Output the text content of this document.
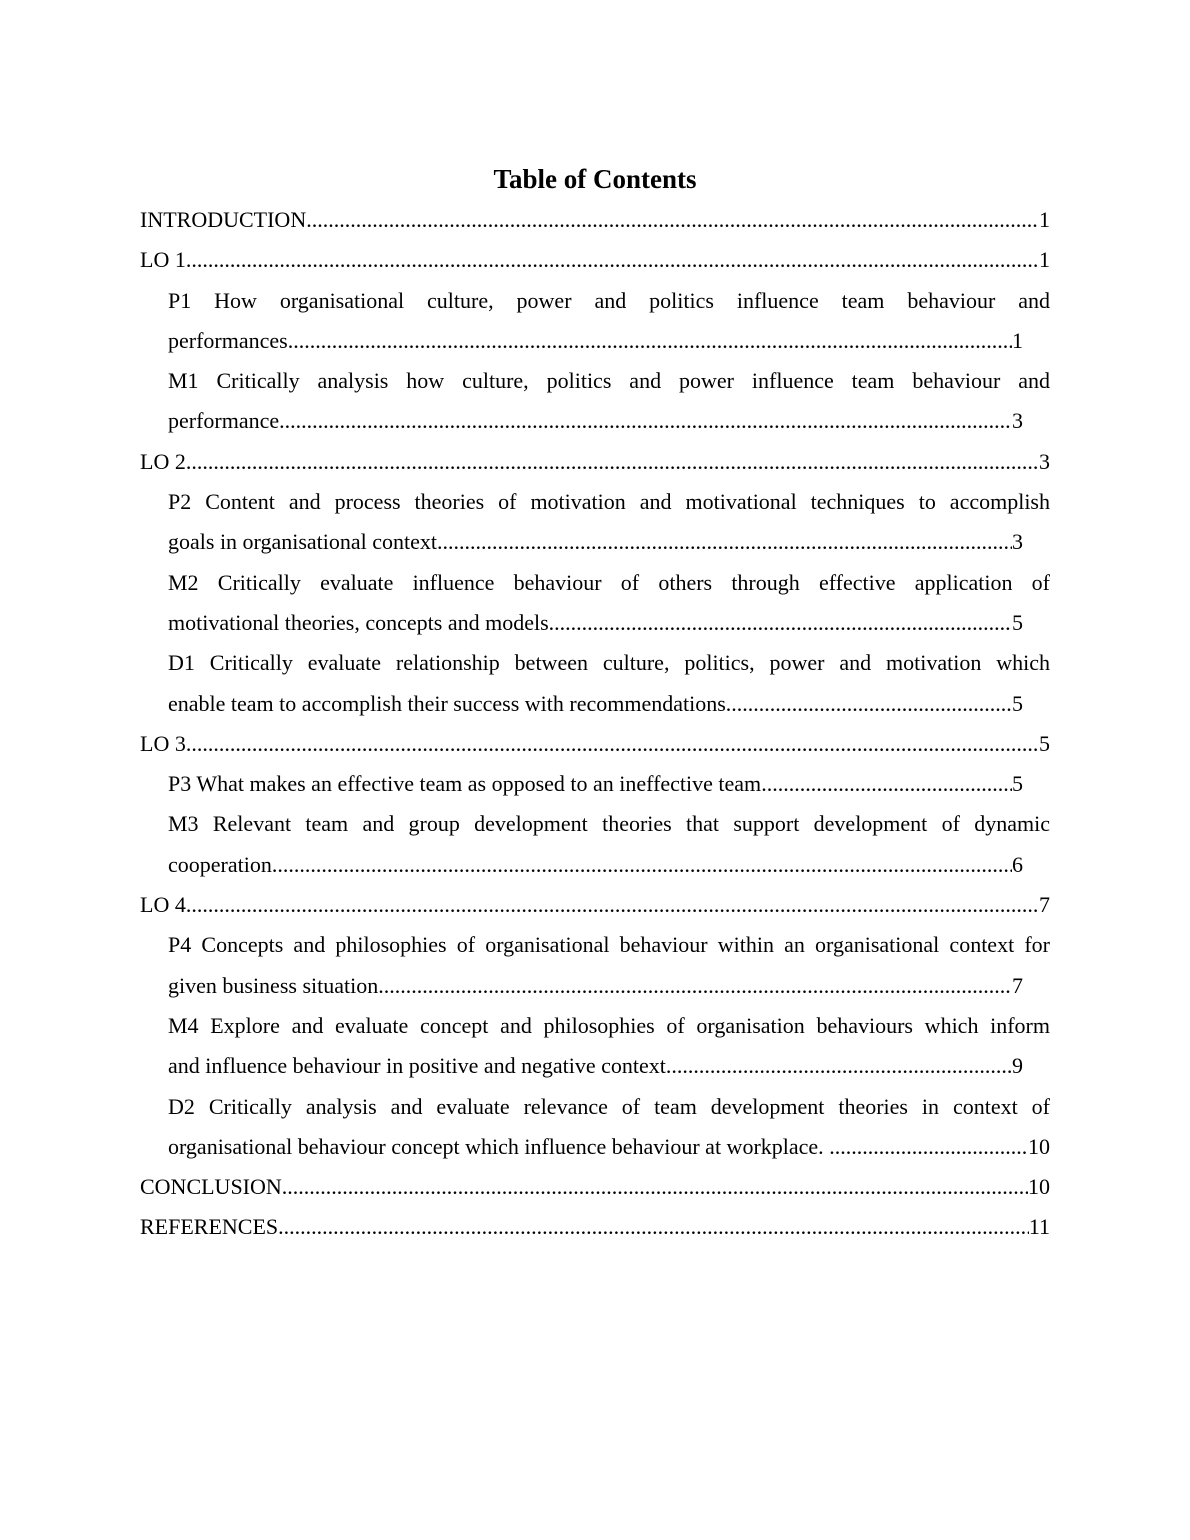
Table of Contents
INTRODUCTION .....	1
LO 1 .....	1
P1 How organisational culture, power and politics influence team behaviour and
performances .....	1
M1 Critically analysis how culture, politics and power influence team behaviour and
performance .....	3
LO 2 .....	3
P2 Content and process theories of motivation and motivational techniques to accomplish
goals in organisational context .....	3
M2 Critically evaluate influence behaviour of others through effective application of
motivational theories, concepts and models .....	5
D1 Critically evaluate relationship between culture, politics, power and motivation which
enable team to accomplish their success with recommendations .....	5
LO 3 .....	5
P3 What makes an effective team as opposed to an ineffective team .....	5
M3 Relevant team and group development theories that support development of dynamic
cooperation .....	6
LO 4 .....	7
P4 Concepts and philosophies of organisational behaviour within an organisational context for
given business situation .....	7
M4 Explore and evaluate concept and philosophies of organisation behaviours which inform
and influence behaviour in positive and negative context .....	9
D2 Critically analysis and evaluate relevance of team development theories in context of
organisational behaviour concept which influence behaviour at workplace. .....	10
CONCLUSION .....	10
REFERENCES .....	11
